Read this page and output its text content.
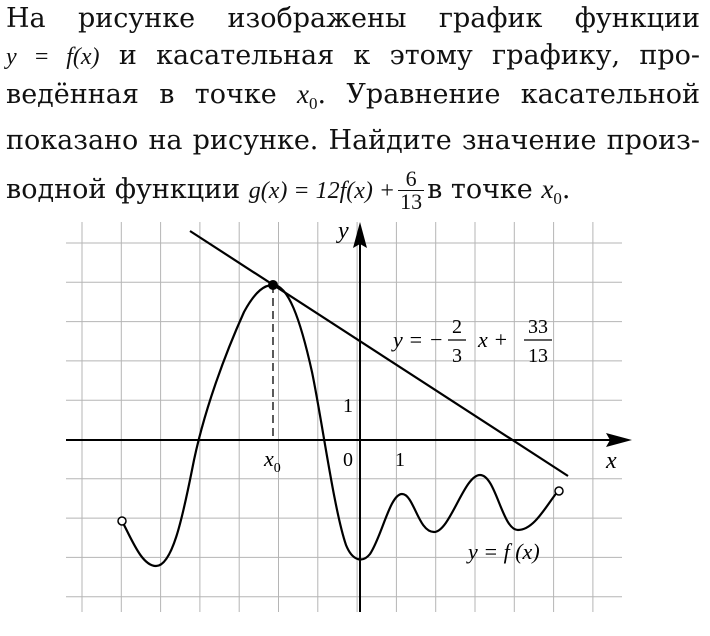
На рисунке изображены график функции
y = f(x) и касательная к этому графику, про-
ведённая в точке $x_0$. Уравнение касательной
показано на рисунке. Найдите значение произ-
водной функции $g(x) = 12f(x) + \frac{6}{13}$ в точке $x_0$.
y
x
0 1
1
$x_0$
y = − 2
3
x + 33
13
y = f (x)
